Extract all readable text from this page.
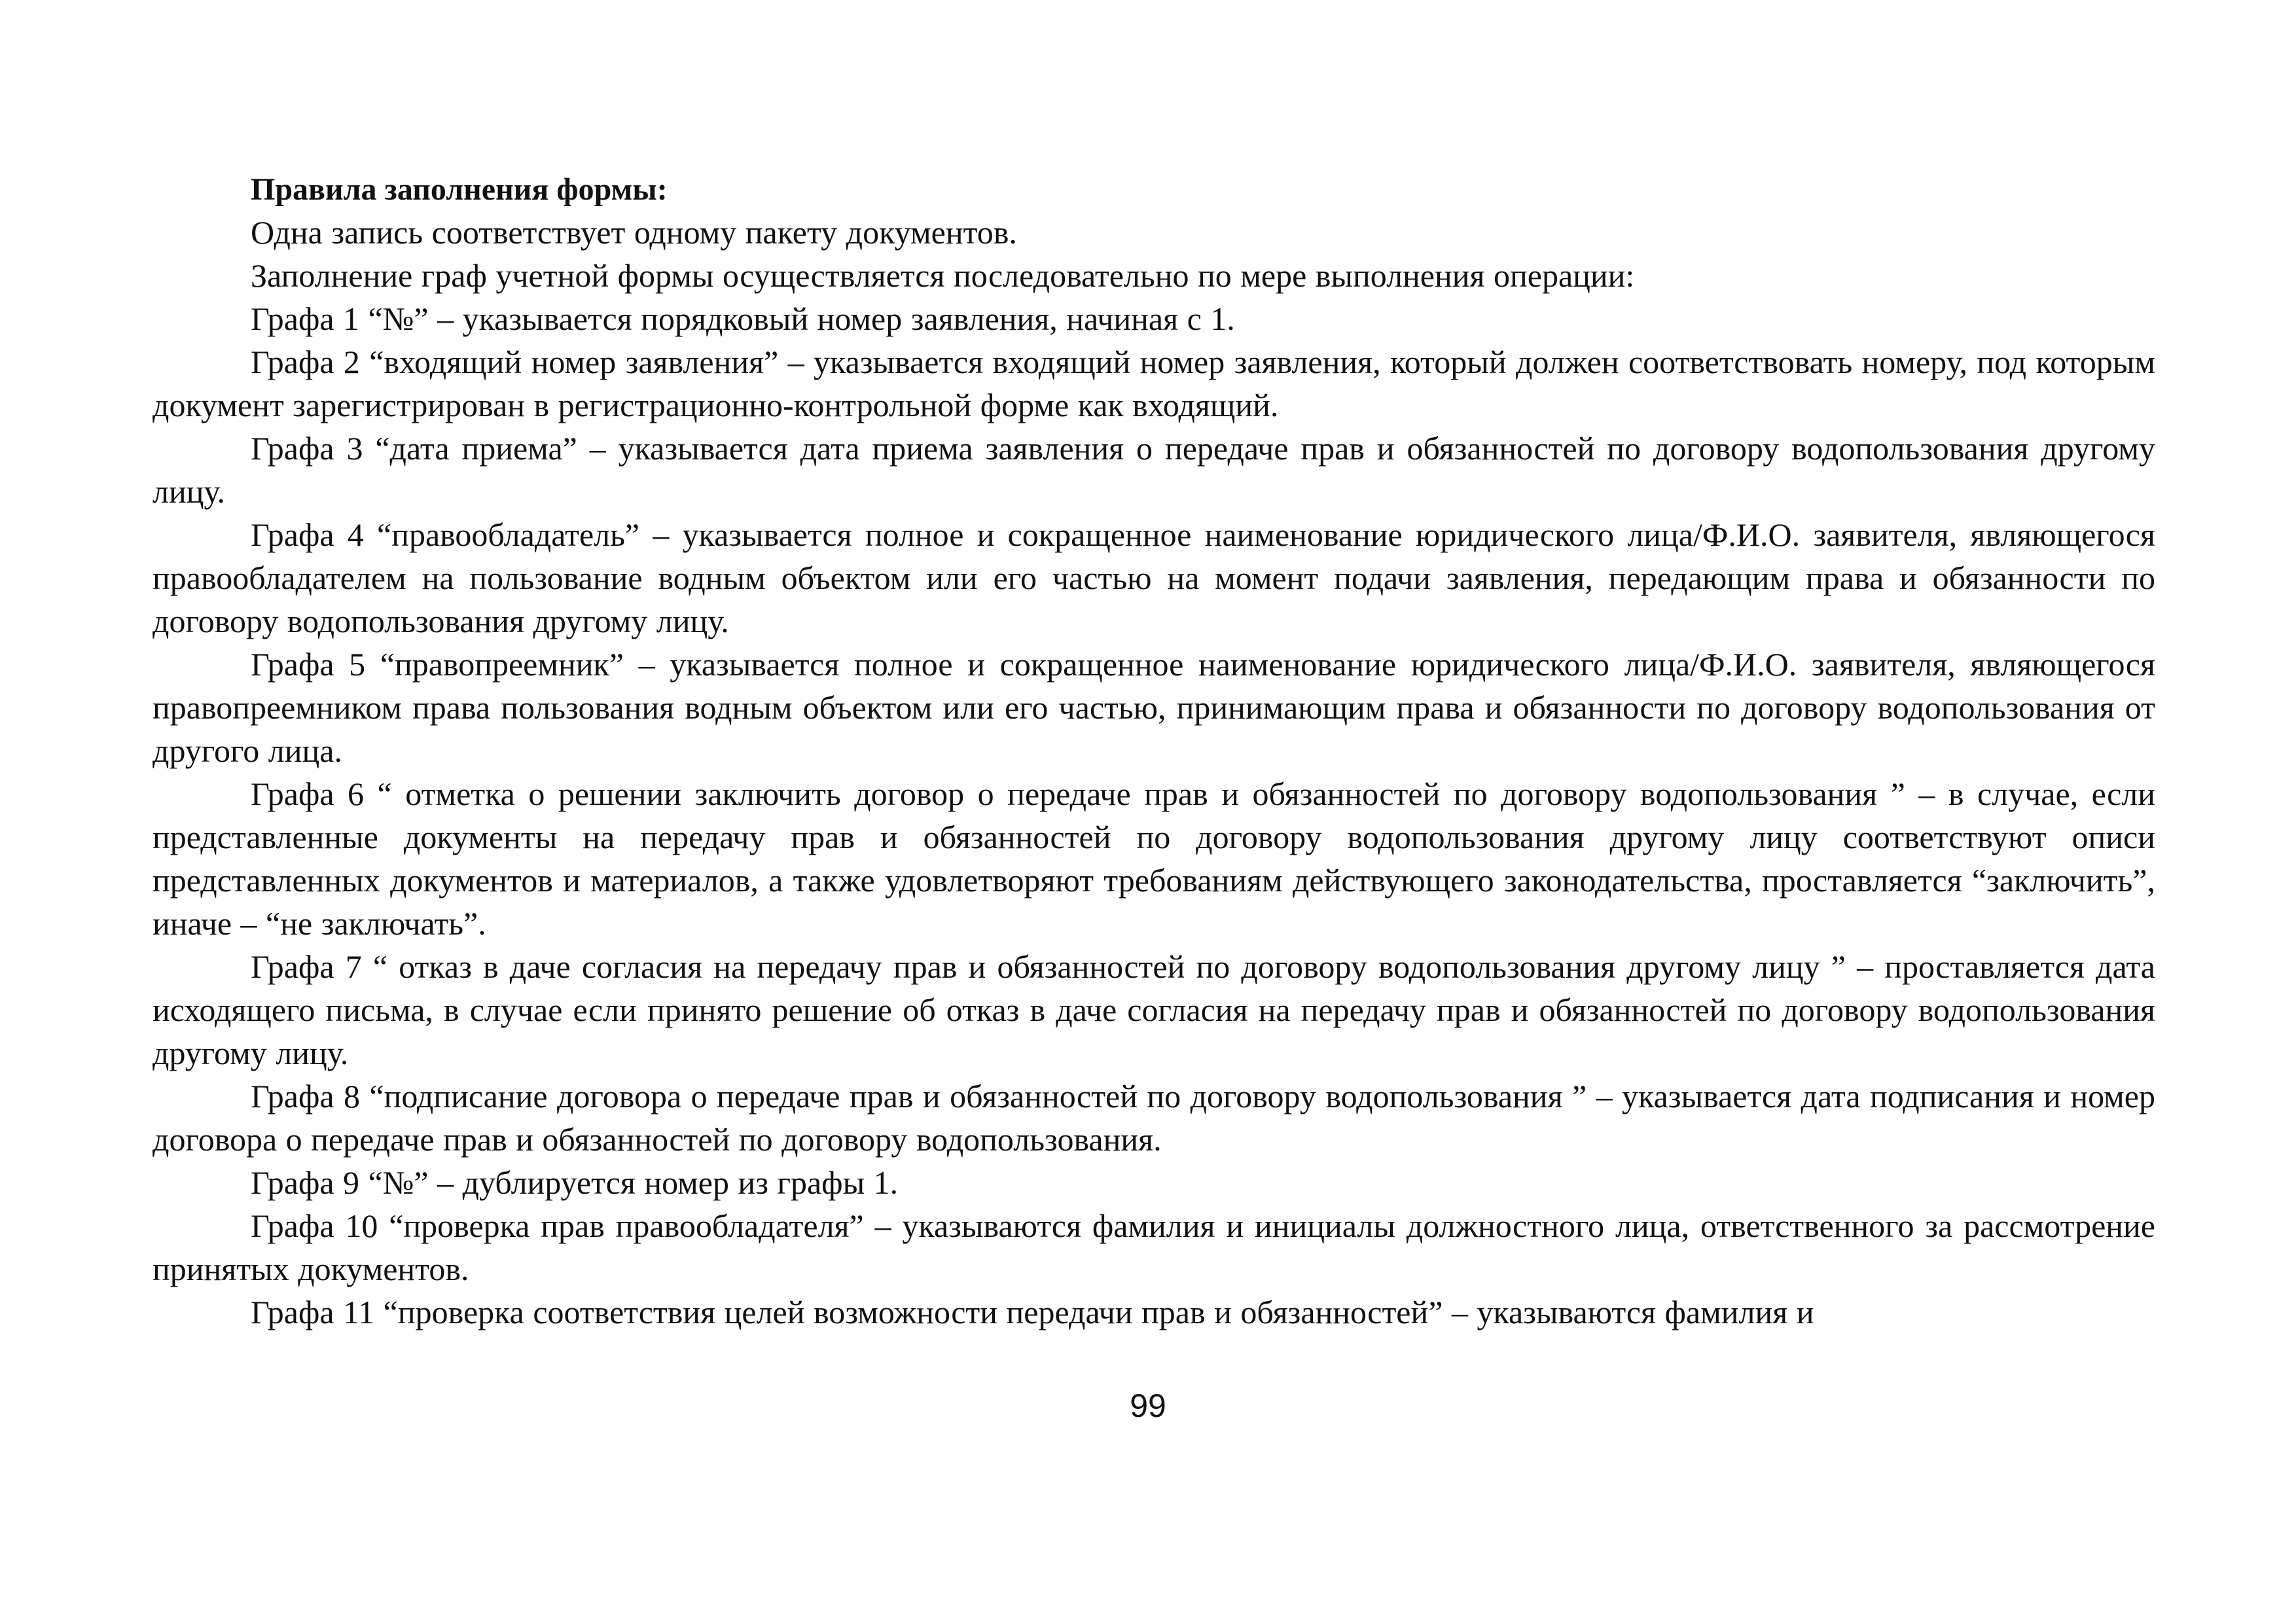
Правила заполнения формы:

Одна запись соответствует одному пакету документов.

Заполнение граф учетной формы осуществляется последовательно по мере выполнения операции:

Графа 1 “№” – указывается порядковый номер заявления, начиная с 1.

Графа 2 “входящий номер заявления” – указывается входящий номер заявления, который должен соответствовать номеру, под которым документ зарегистрирован в регистрационно-контрольной форме как входящий.

Графа 3 “дата приема” – указывается дата приема заявления о передаче прав и обязанностей по договору водопользования другому лицу.

Графа 4 “правообладатель” – указывается полное и сокращенное наименование юридического лица/Ф.И.О. заявителя, являющегося правообладателем на пользование водным объектом или его частью на момент подачи заявления, передающим права и обязанности по договору водопользования другому лицу.

Графа 5 “правопреемник” – указывается полное и сокращенное наименование юридического лица/Ф.И.О. заявителя, являющегося правопреемником права пользования водным объектом или его частью, принимающим права и обязанности по договору водопользования от другого лица.

Графа 6 “ отметка о решении заключить договор о передаче прав и обязанностей по договору водопользования ” – в случае, если представленные документы на передачу прав и обязанностей по договору водопользования другому лицу соответствуют описи представленных документов и материалов, а также удовлетворяют требованиям действующего законодательства, проставляется “заключить”, иначе – “не заключать”.

Графа 7 “ отказ в даче согласия на передачу прав и обязанностей по договору водопользования другому лицу ” – проставляется дата исходящего письма, в случае если принято решение об отказ в даче согласия на передачу прав и обязанностей по договору водопользования другому лицу.

Графа 8 “подписание договора о передаче прав и обязанностей по договору водопользования ” – указывается дата подписания и номер договора о передаче прав и обязанностей по договору водопользования.

Графа 9 “№” – дублируется номер из графы 1.

Графа 10 “проверка прав правообладателя” – указываются фамилия и инициалы должностного лица, ответственного за рассмотрение принятых документов.

Графа 11 “проверка соответствия целей возможности передачи прав и обязанностей” – указываются фамилия и

99
